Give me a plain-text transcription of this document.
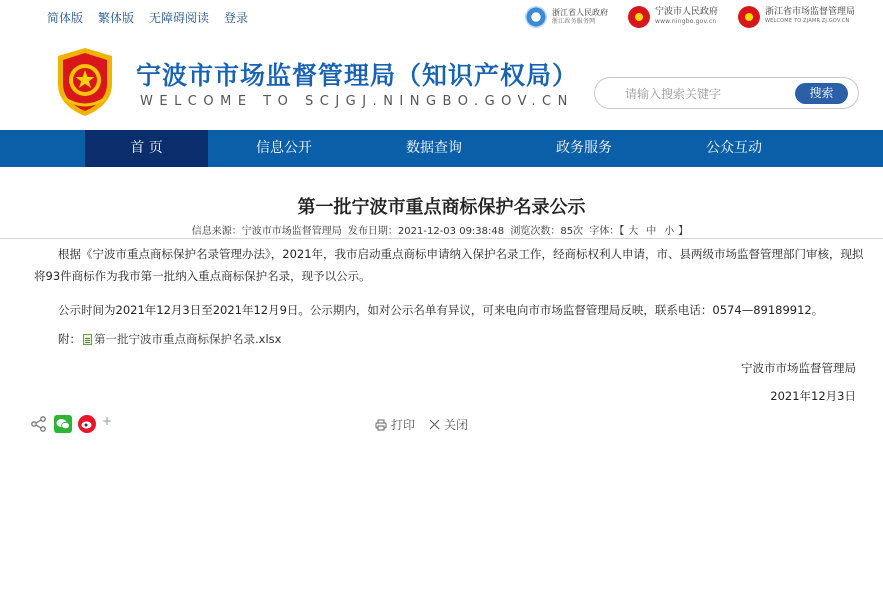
简体版 繁体版 无障碍阅读 登录	浙江省人民政府
浙江政务服务网
宁波市人民政府
www.ningbo.gov.cn
浙江省市场监督管理局
WELCOME TO ZJAMR.ZJ.GOV.CN
宁波市市场监督管理局（知识产权局）
WELCOME TO SCJGJ.NINGBO.GOV.CN
请输入搜索关键字
搜索
首 页	信息公开	数据查询	政务服务	公众互动
第一批宁波市重点商标保护名录公示
信息来源：宁波市市场监督管理局 发布日期：2021-12-03 09:38:48 浏览次数：85次 字体：【 大 中 小 】
根据《宁波市重点商标保护名录管理办法》，2021年，我市启动重点商标申请纳入保护名录工作，经商标权利人申请，市、县两级市场监督管理部门审核，现拟将93件商标作为我市第一批纳入重点商标保护名录，现予以公示。
公示时间为2021年12月3日至2021年12月9日。公示期内，如对公示名单有异议，可来电向市市场监督管理局反映，联系电话：0574—89189912。
附： 第一批宁波市重点商标保护名录.xlsx
宁波市市场监督管理局
2021年12月3日
+	打印 关闭
